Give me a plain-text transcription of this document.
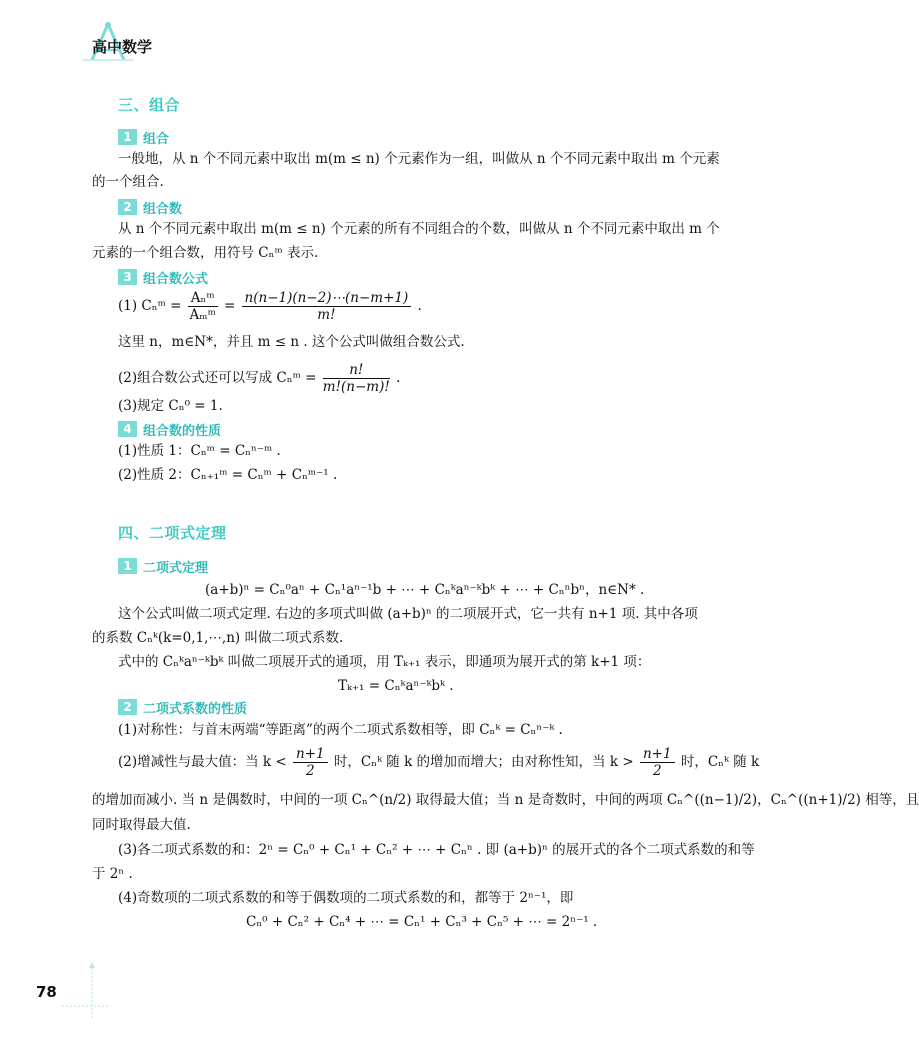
高中数学
三、组合
1 组合
一般地，从 n 个不同元素中取出 m(m ≤ n) 个元素作为一组，叫做从 n 个不同元素中取出 m 个元素
的一个组合.
2 组合数
从 n 个不同元素中取出 m(m ≤ n) 个元素的所有不同组合的个数，叫做从 n 个不同元素中取出 m 个
元素的一个组合数，用符号 Cₙᵐ 表示.
3 组合数公式
(1) Cₙᵐ = $\frac{\text{Aₙᵐ}}{\text{Aₘᵐ}} = \frac{n(n-1)(n-2)\cdots(n-m+1)}{m!}$ .
这里 n，m∈N*，并且 m ≤ n . 这个公式叫做组合数公式.
(2)组合数公式还可以写成 Cₙᵐ = $\frac{n!}{m!(n-m)!}$ .
(3)规定 Cₙ⁰ = 1.
4 组合数的性质
(1)性质 1：Cₙᵐ = Cₙⁿ⁻ᵐ .
(2)性质 2：Cₙ₊₁ᵐ = Cₙᵐ + Cₙᵐ⁻¹ .
四、二项式定理
1 二项式定理
(a+b)ⁿ = Cₙ⁰aⁿ + Cₙ¹aⁿ⁻¹b + ⋯ + Cₙᵏaⁿ⁻ᵏbᵏ + ⋯ + Cₙⁿbⁿ，n∈N* .
这个公式叫做二项式定理. 右边的多项式叫做 (a+b)ⁿ 的二项展开式，它一共有 n+1 项. 其中各项
的系数 Cₙᵏ(k=0,1,⋯,n) 叫做二项式系数.
式中的 Cₙᵏaⁿ⁻ᵏbᵏ 叫做二项展开式的通项，用 Tₖ₊₁ 表示，即通项为展开式的第 k+1 项：
Tₖ₊₁ = Cₙᵏaⁿ⁻ᵏbᵏ .
2 二项式系数的性质
(1)对称性：与首末两端“等距离”的两个二项式系数相等，即 Cₙᵏ = Cₙⁿ⁻ᵏ .
(2)增减性与最大值：当 $k < \frac{n+1}{2}$ 时，Cₙᵏ 随 k 的增加而增大；由对称性知，当 $k > \frac{n+1}{2}$ 时，Cₙᵏ 随 k
的增加而减小. 当 n 是偶数时，中间的一项 Cₙ^(n/2) 取得最大值；当 n 是奇数时，中间的两项 Cₙ^((n−1)/2)，Cₙ^((n+1)/2) 相等，且
同时取得最大值.
(3)各二项式系数的和：2ⁿ = Cₙ⁰ + Cₙ¹ + Cₙ² + ⋯ + Cₙⁿ . 即 (a+b)ⁿ 的展开式的各个二项式系数的和等
于 2ⁿ .
(4)奇数项的二项式系数的和等于偶数项的二项式系数的和，都等于 2ⁿ⁻¹，即
Cₙ⁰ + Cₙ² + Cₙ⁴ + ⋯ = Cₙ¹ + Cₙ³ + Cₙ⁵ + ⋯ = 2ⁿ⁻¹ .
78
